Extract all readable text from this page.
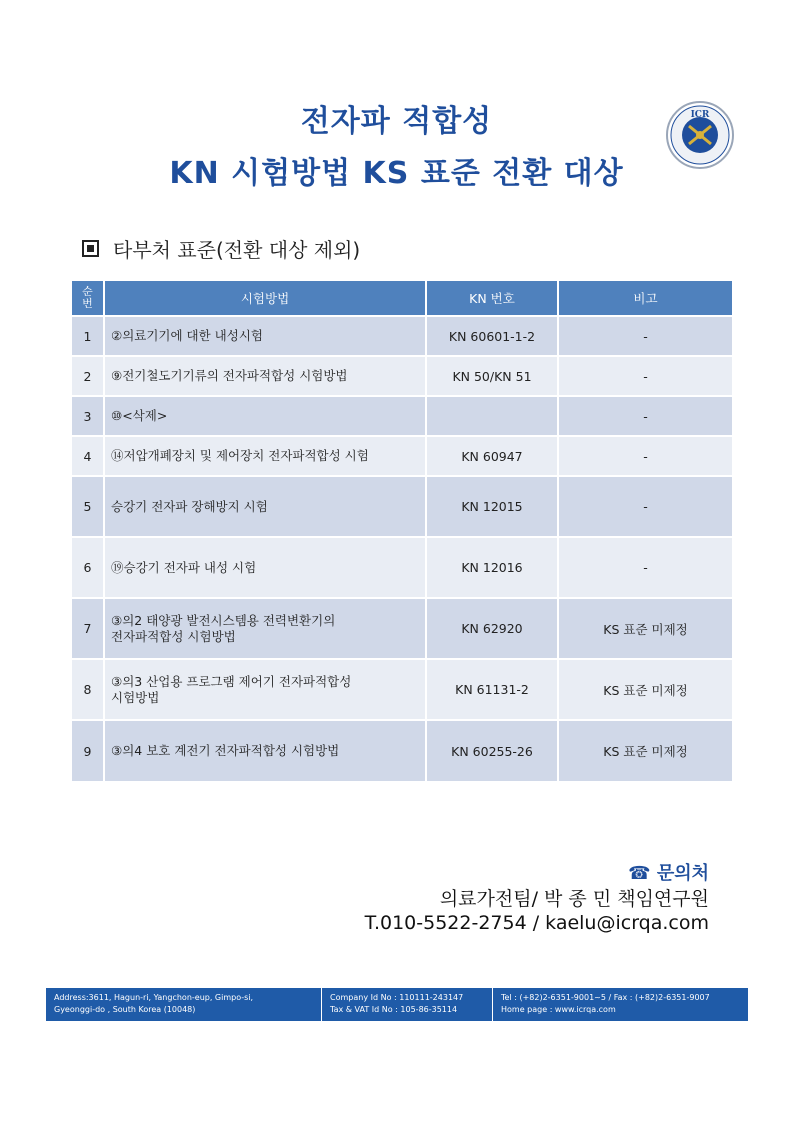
전자파 적합성
KN 시험방법 KS 표준 전환 대상
ICR
타부처 표준(전환 대상 제외)
순
번	시험방법	KN 번호	비고
1	②의료기기에 대한 내성시험	KN 60601-1-2	-
2	⑨전기철도기기류의 전자파적합성 시험방법	KN 50/KN 51	-
3	⑩<삭제>		-
4	⑭저압개폐장치 및 제어장치 전자파적합성 시험	KN 60947	-
5	승강기 전자파 장해방지 시험	KN 12015	-
6	⑲승강기 전자파 내성 시험	KN 12016	-
7	③의2 태양광 발전시스템용 전력변환기의
전자파적합성 시험방법	KN 62920	KS 표준 미제정
8	③의3 산업용 프로그램 제어기 전자파적합성
시험방법	KN 61131-2	KS 표준 미제정
9	③의4 보호 계전기 전자파적합성 시험방법	KN 60255-26	KS 표준 미제정
☎ 문의처
의료가전팀/ 박 종 민 책임연구원
T.010-5522-2754 / kaelu@icrqa.com
Address:3611, Hagun-ri, Yangchon-eup, Gimpo-si,
Gyeonggi-do , South Korea (10048)
Company Id No : 110111-243147
Tax & VAT Id No : 105-86-35114
Tel : (+82)2-6351-9001~5 / Fax : (+82)2-6351-9007
Home page : www.icrqa.com
